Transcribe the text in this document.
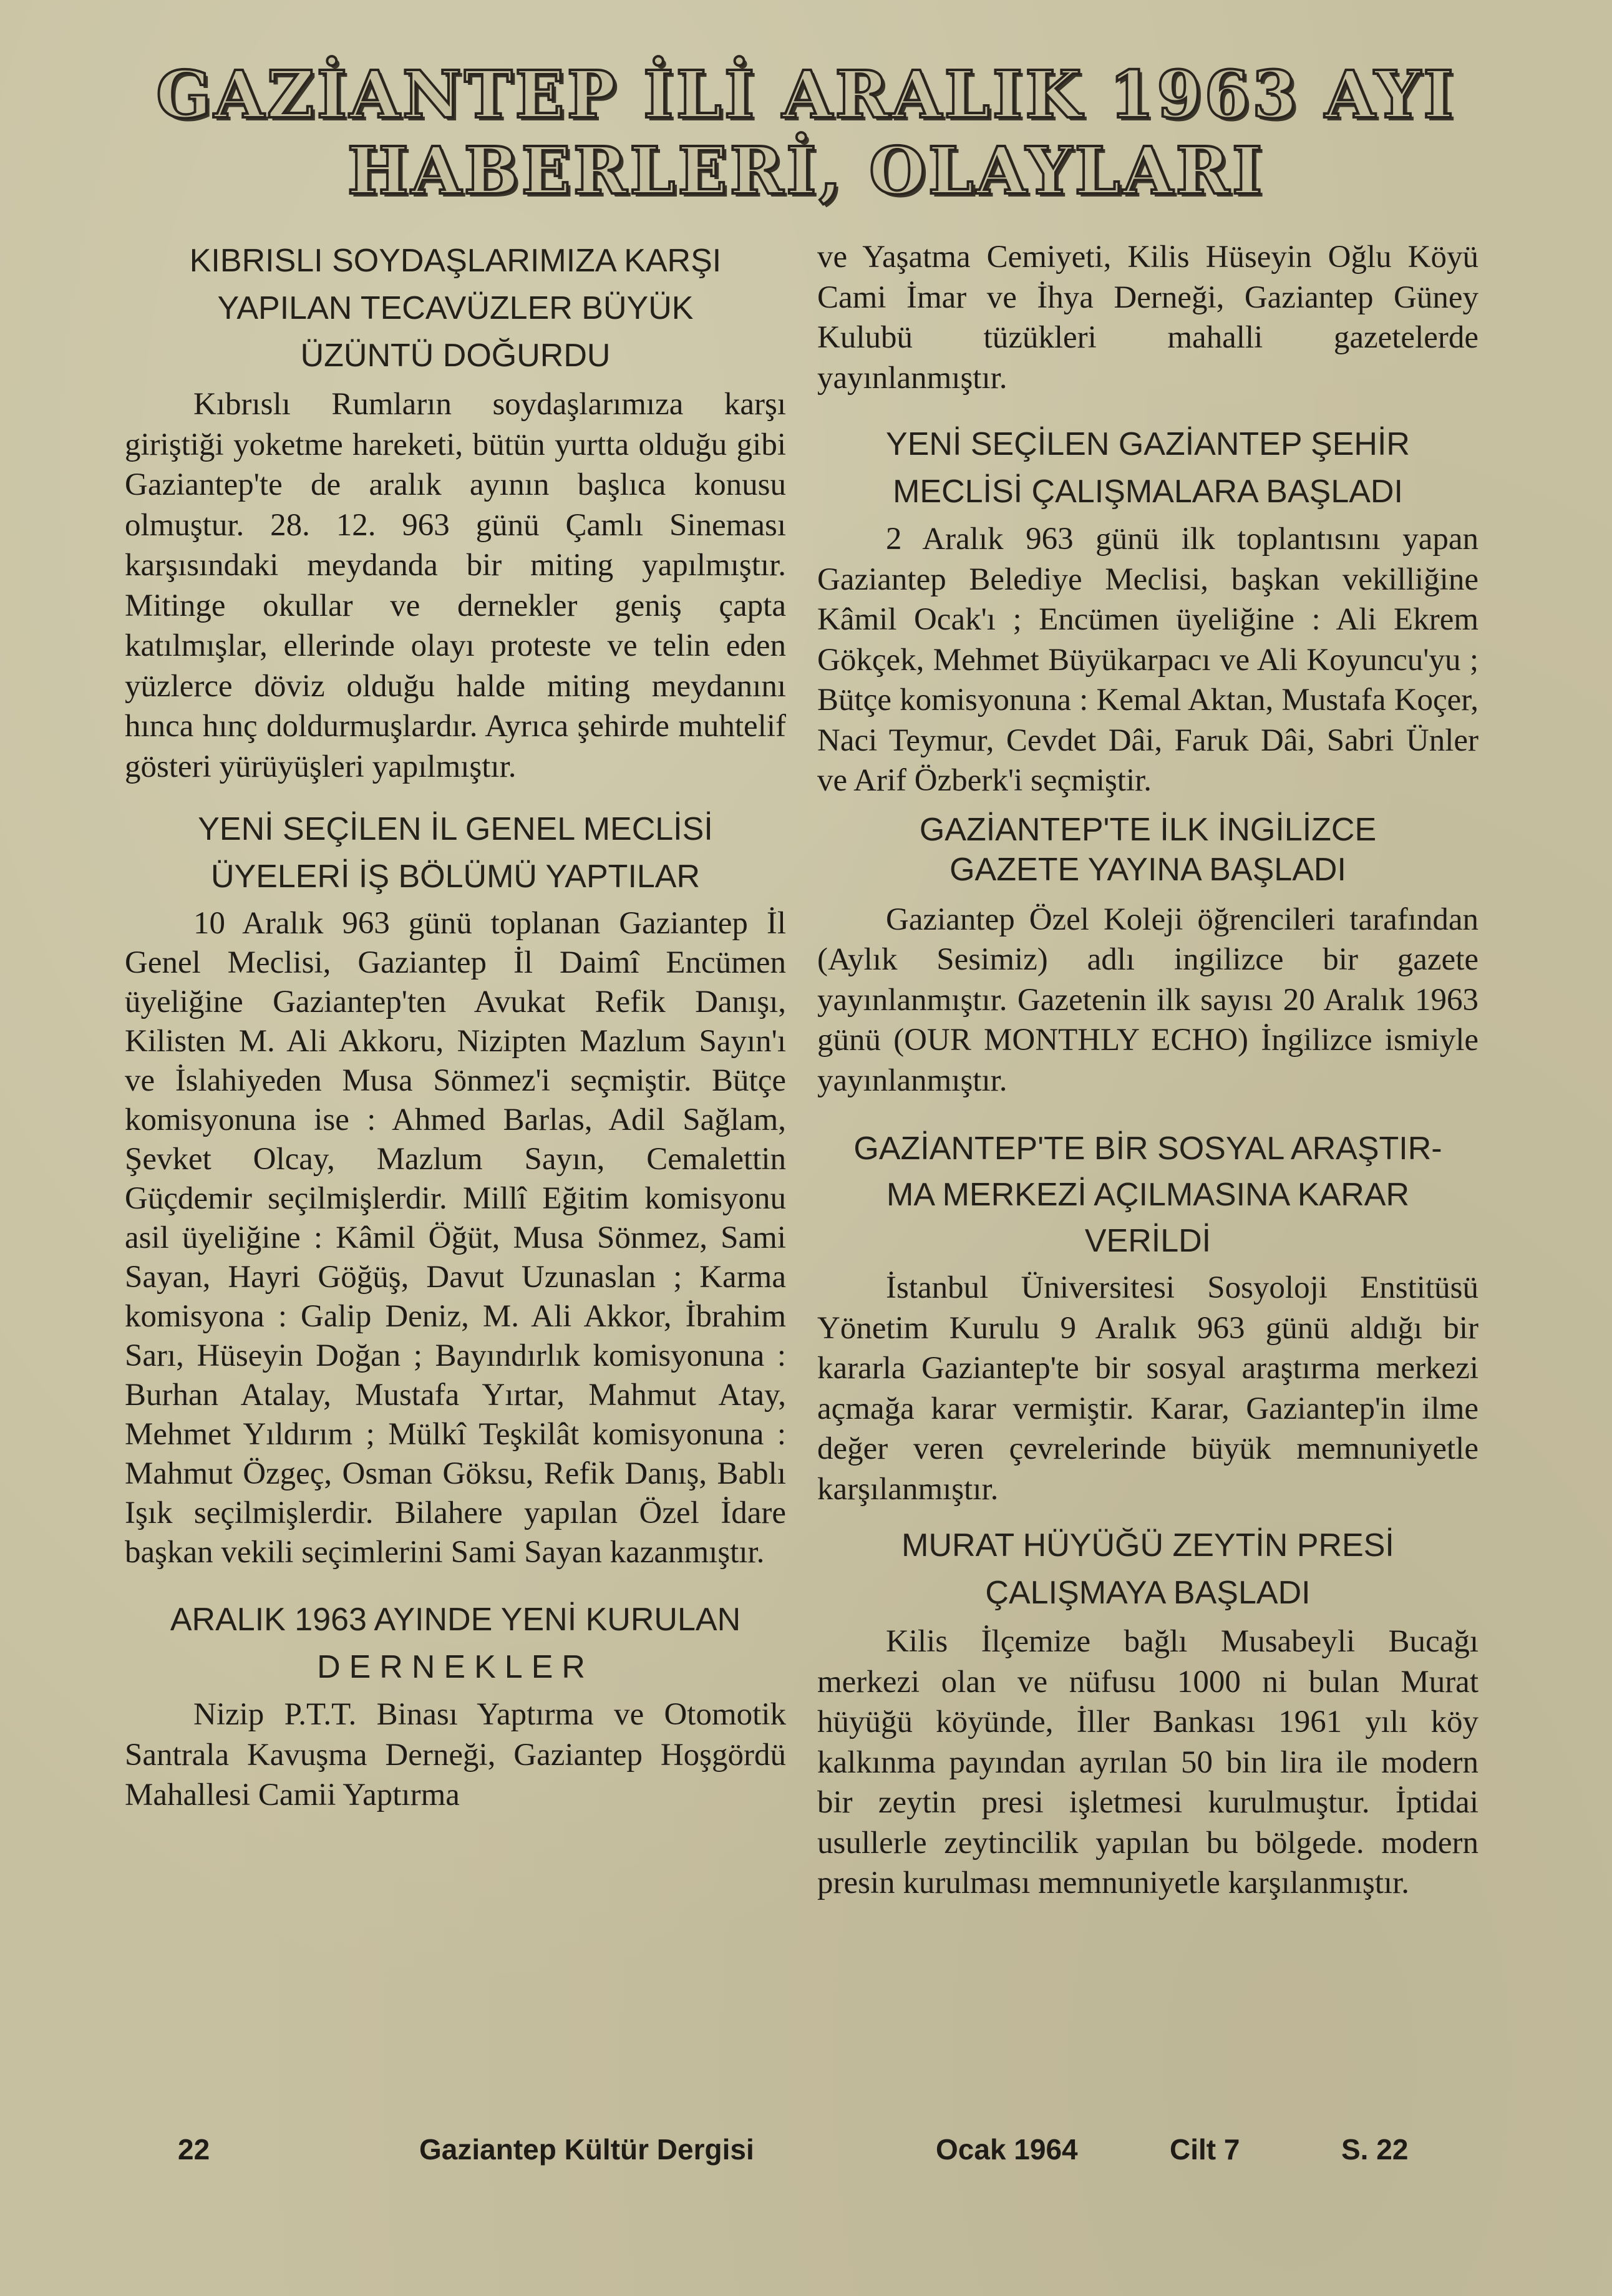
GAZİANTEP İLİ ARALIK 1963 AYI
HABERLERİ, OLAYLARI

KIBRISLI SOYDAŞLARIMIZA KARŞI
YAPILAN TECAVÜZLER BÜYÜK
ÜZÜNTÜ DOĞURDU

Kıbrıslı Rumların soydaşlarımıza karşı giriştiği yoketme hareketi, bütün yurtta olduğu gibi Gaziantep'te de aralık ayının başlıca konusu olmuştur. 28. 12. 963 günü Çamlı Sineması karşısındaki meydanda bir miting yapılmıştır. Mitinge okullar ve dernekler geniş çapta katılmışlar, ellerinde olayı proteste ve telin eden yüzlerce döviz olduğu halde miting meydanını hınca hınç doldurmuşlardır. Ayrıca şehirde muhtelif gösteri yürüyüşleri yapılmıştır.

YENİ SEÇİLEN İL GENEL MECLİSİ
ÜYELERİ İŞ BÖLÜMÜ YAPTILAR

10 Aralık 963 günü toplanan Gaziantep İl Genel Meclisi, Gaziantep İl Daimî Encümen üyeliğine Gaziantep'ten Avukat Refik Danışı, Kilisten M. Ali Akkoru, Nizipten Mazlum Sayın'ı ve İslahiyeden Musa Sönmez'i seçmiştir. Bütçe komisyonuna ise : Ahmed Barlas, Adil Sağlam, Şevket Olcay, Mazlum Sayın, Cemalettin Güçdemir seçilmişlerdir. Millî Eğitim komisyonu asil üyeliğine : Kâmil Öğüt, Musa Sönmez, Sami Sayan, Hayri Göğüş, Davut Uzunaslan ; Karma komisyona : Galip Deniz, M. Ali Akkor, İbrahim Sarı, Hüseyin Doğan ; Bayındırlık komisyonuna : Burhan Atalay, Mustafa Yırtar, Mahmut Atay, Mehmet Yıldırım ; Mülkî Teşkilât komisyonuna : Mahmut Özgeç, Osman Göksu, Refik Danış, Bablı Işık seçilmişlerdir. Bilahere yapılan Özel İdare başkan vekili seçimlerini Sami Sayan kazanmıştır.

ARALIK 1963 AYINDE YENİ KURULAN
DERNEKLER

Nizip P.T.T. Binası Yaptırma ve Otomotik Santrala Kavuşma Derneği, Gaziantep Hoşgördü Mahallesi Camii Yaptırma

ve Yaşatma Cemiyeti, Kilis Hüseyin Oğlu Köyü Cami İmar ve İhya Derneği, Gaziantep Güney Kulubü tüzükleri mahalli gazetelerde yayınlanmıştır.

YENİ SEÇİLEN GAZİANTEP ŞEHİR
MECLİSİ ÇALIŞMALARA BAŞLADI

2 Aralık 963 günü ilk toplantısını yapan Gaziantep Belediye Meclisi, başkan vekilliğine Kâmil Ocak'ı ; Encümen üyeliğine : Ali Ekrem Gökçek, Mehmet Büyükarpacı ve Ali Koyuncu'yu ; Bütçe komisyonuna : Kemal Aktan, Mustafa Koçer, Naci Teymur, Cevdet Dâi, Faruk Dâi, Sabri Ünler ve Arif Özberk'i seçmiştir.

GAZİANTEP'TE İLK İNGİLİZCE
GAZETE YAYINA BAŞLADI

Gaziantep Özel Koleji öğrencileri tarafından (Aylık Sesimiz) adlı ingilizce bir gazete yayınlanmıştır. Gazetenin ilk sayısı 20 Aralık 1963 günü (OUR MONTHLY ECHO) İngilizce ismiyle yayınlanmıştır.

GAZİANTEP'TE BİR SOSYAL ARAŞTIR-
MA MERKEZİ AÇILMASINA KARAR
VERİLDİ

İstanbul Üniversitesi Sosyoloji Enstitüsü Yönetim Kurulu 9 Aralık 963 günü aldığı bir kararla Gaziantep'te bir sosyal araştırma merkezi açmağa karar vermiştir. Karar, Gaziantep'in ilme değer veren çevrelerinde büyük memnuniyetle karşılanmıştır.

MURAT HÜYÜĞÜ ZEYTİN PRESİ
ÇALIŞMAYA BAŞLADI

Kilis İlçemize bağlı Musabeyli Bucağı merkezi olan ve nüfusu 1000 ni bulan Murat hüyüğü köyünde, İller Bankası 1961 yılı köy kalkınma payından ayrılan 50 bin lira ile modern bir zeytin presi işletmesi kurulmuştur. İptidai usullerle zeytincilik yapılan bu bölgede. modern presin kurulması memnuniyetle karşılanmıştır.

22	Gaziantep Kültür Dergisi	Ocak 1964	Cilt 7	S. 22
